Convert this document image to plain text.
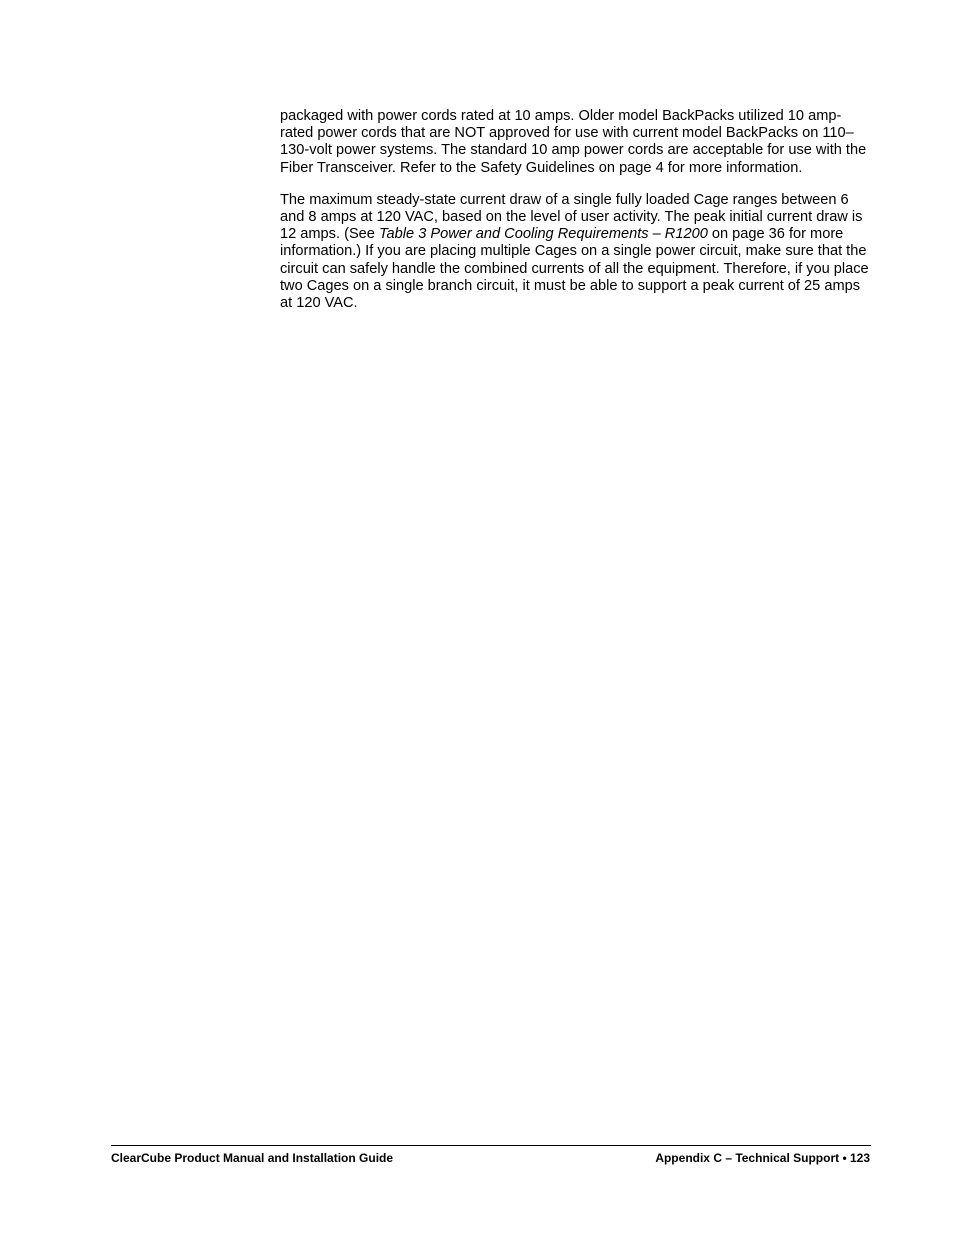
packaged with power cords rated at 10 amps. Older model BackPacks utilized 10 amp-rated power cords that are NOT approved for use with current model BackPacks on 110–130-volt power systems. The standard 10 amp power cords are acceptable for use with the Fiber Transceiver. Refer to the Safety Guidelines on page 4 for more information.

The maximum steady-state current draw of a single fully loaded Cage ranges between 6 and 8 amps at 120 VAC, based on the level of user activity. The peak initial current draw is 12 amps. (See Table 3 Power and Cooling Requirements – R1200 on page 36 for more information.) If you are placing multiple Cages on a single power circuit, make sure that the circuit can safely handle the combined currents of all the equipment. Therefore, if you place two Cages on a single branch circuit, it must be able to support a peak current of 25 amps at 120 VAC.

ClearCube Product Manual and Installation Guide	Appendix C – Technical Support • 123
